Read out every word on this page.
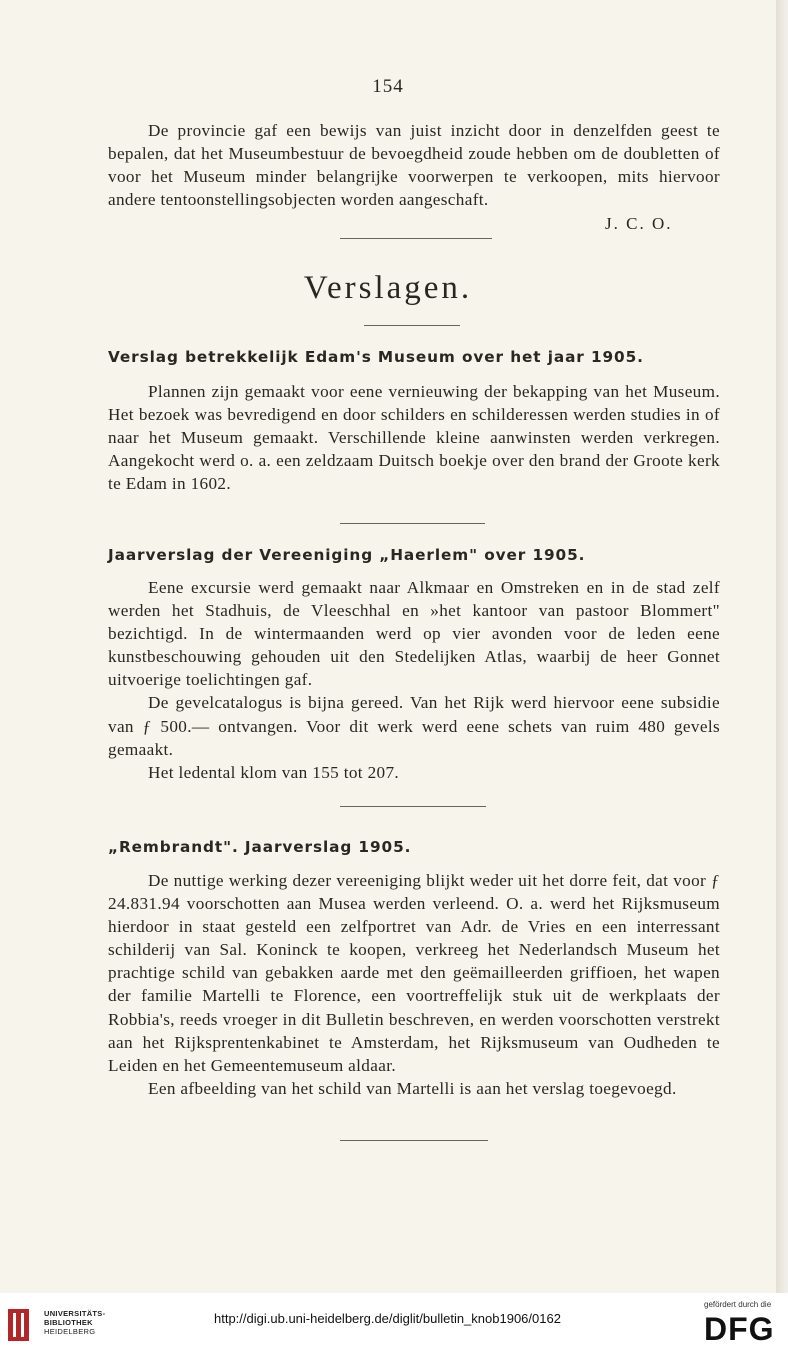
154

De provincie gaf een bewijs van juist inzicht door in denzelfden geest te bepalen, dat het Museumbestuur de bevoegdheid zoude hebben om de doubletten of voor het Museum minder belangrijke voorwerpen te verkoopen, mits hiervoor andere tentoonstellingsobjecten worden aangeschaft.

J. C. O.
Verslagen.
Verslag betrekkelijk Edam's Museum over het jaar 1905.

Plannen zijn gemaakt voor eene vernieuwing der bekapping van het Museum. Het bezoek was bevredigend en door schilders en schilderessen werden studies in of naar het Museum gemaakt. Verschillende kleine aanwinsten werden verkregen. Aangekocht werd o. a. een zeldzaam Duitsch boekje over den brand der Groote kerk te Edam in 1602.

Jaarverslag der Vereeniging „Haerlem" over 1905.

Eene excursie werd gemaakt naar Alkmaar en Omstreken en in de stad zelf werden het Stadhuis, de Vleeschhal en »het kantoor van pastoor Blommert" bezichtigd. In de wintermaanden werd op vier avonden voor de leden eene kunstbeschouwing gehouden uit den Stedelijken Atlas, waarbij de heer Gonnet uitvoerige toelichtingen gaf.

De gevelcatalogus is bijna gereed. Van het Rijk werd hiervoor eene subsidie van ƒ 500.— ontvangen. Voor dit werk werd eene schets van ruim 480 gevels gemaakt.

Het ledental klom van 155 tot 207.

„Rembrandt". Jaarverslag 1905.

De nuttige werking dezer vereeniging blijkt weder uit het dorre feit, dat voor ƒ 24.831.94 voorschotten aan Musea werden verleend. O. a. werd het Rijksmuseum hierdoor in staat gesteld een zelfportret van Adr. de Vries en een interressant schilderij van Sal. Koninck te koopen, verkreeg het Nederlandsch Museum het prachtige schild van gebakken aarde met den geëmailleerden griffioen, het wapen der familie Martelli te Florence, een voortreffelijk stuk uit de werkplaats der Robbia's, reeds vroeger in dit Bulletin beschreven, en werden voorschotten verstrekt aan het Rijksprentenkabinet te Amsterdam, het Rijksmuseum van Oudheden te Leiden en het Gemeentemuseum aldaar.

Een afbeelding van het schild van Martelli is aan het verslag toegevoegd.

UNIVERSITÄTS-
BIBLIOTHEK
HEIDELBERG
http://digi.ub.uni-heidelberg.de/diglit/bulletin_knob1906/0162
gefördert durch die
DFG
